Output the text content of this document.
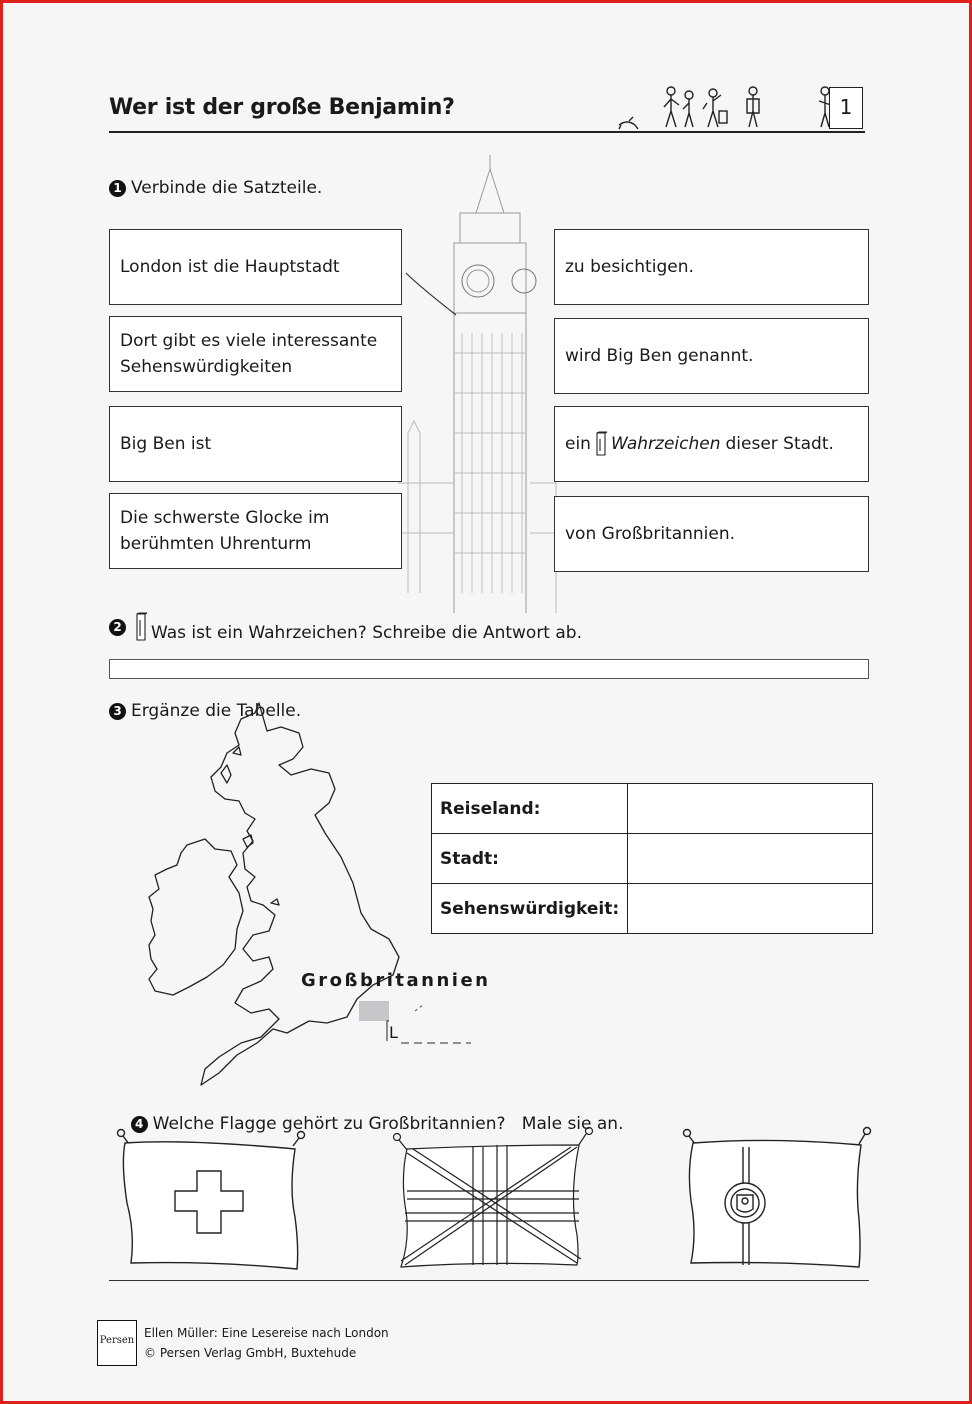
Wer ist der große Benjamin?	1
1 Verbinde die Satzteile.
London ist die Hauptstadt
Dort gibt es viele interessante Sehenswürdigkeiten
Big Ben ist
Die schwerste Glocke im berühmten Uhrenturm
zu besichtigen.
wird Big Ben genannt.
ein Wahrzeichen dieser Stadt.
von Großbritannien.
2 Was ist ein Wahrzeichen? Schreibe die Antwort ab.
3 Ergänze die Tabelle.
Großbritannien
L
Reiseland:	
Stadt:	
Sehenswürdigkeit:	

4 Welche Flagge gehört zu Großbritannien?   Male sie an.

Persen
Ellen Müller: Eine Lesereise nach London
© Persen Verlag GmbH, Buxtehude
